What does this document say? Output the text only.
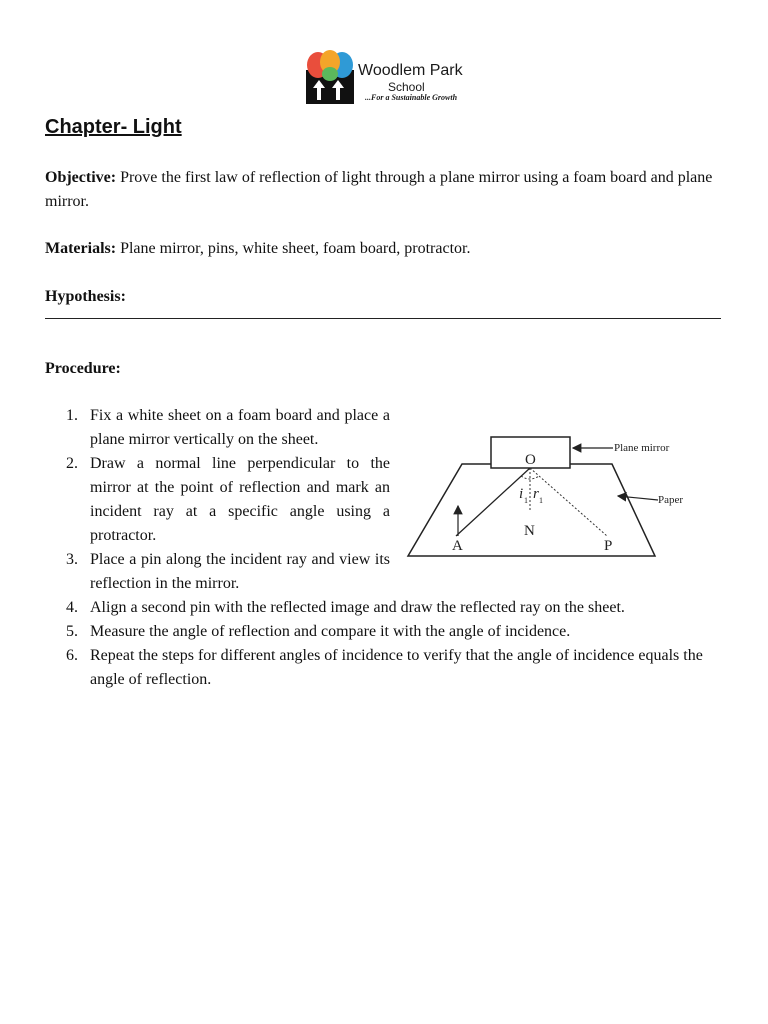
Woodlem Park
School
...For a Sustainable Growth
Chapter- Light
Objective: Prove the first law of reflection of light through a plane mirror using a foam board and plane mirror.
Materials: Plane mirror, pins, white sheet, foam board, protractor.
Hypothesis:
Procedure:
1. Fix a white sheet on a foam board and place a plane mirror vertically on the sheet.
2. Draw a normal line perpendicular to the mirror at the point of reflection and mark an incident ray at a specific angle using a protractor.
3. Place a pin along the incident ray and view its reflection in the mirror.
4. Align a second pin with the reflected image and draw the reflected ray on the sheet.
5. Measure the angle of reflection and compare it with the angle of incidence.
6. Repeat the steps for different angles of incidence to verify that the angle of incidence equals the angle of reflection.
O
N
A	P
i 1 r 1
Plane mirror
Paper
